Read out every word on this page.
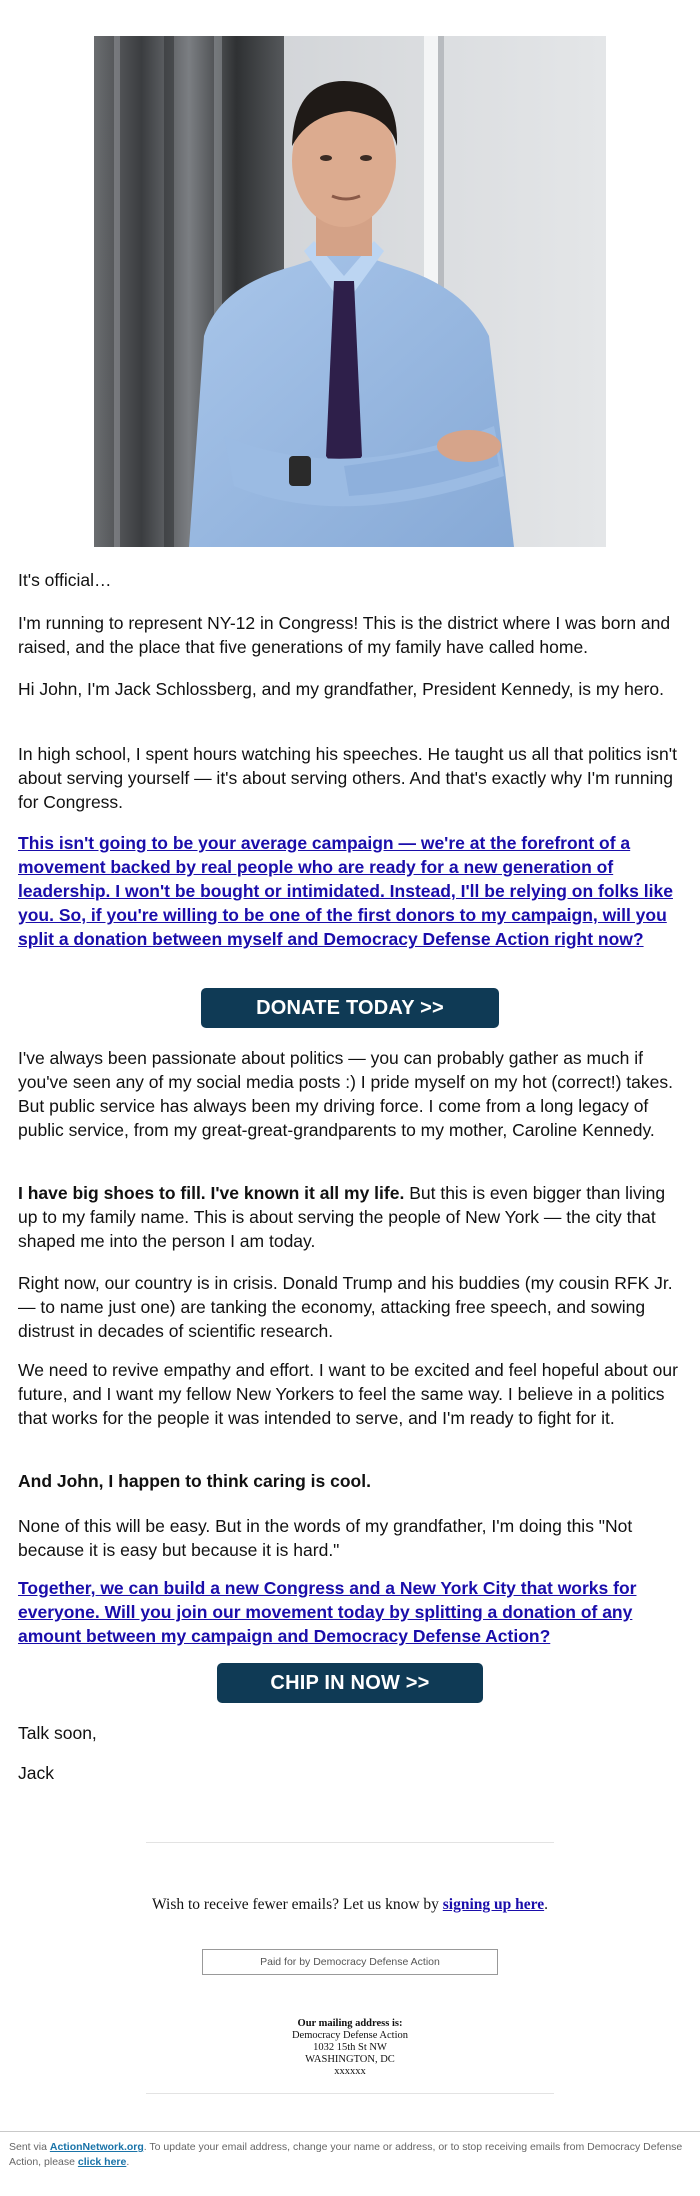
It's official…

I'm running to represent NY-12 in Congress! This is the district where I was born and raised, and the place that five generations of my family have called home.

Hi John, I'm Jack Schlossberg, and my grandfather, President Kennedy, is my hero.

In high school, I spent hours watching his speeches. He taught us all that politics isn't about serving yourself — it's about serving others. And that's exactly why I'm running for Congress.

This isn't going to be your average campaign — we're at the forefront of a movement backed by real people who are ready for a new generation of leadership. I won't be bought or intimidated. Instead, I'll be relying on folks like you. So, if you're willing to be one of the first donors to my campaign, will you split a donation between myself and Democracy Defense Action right now?

DONATE TODAY >>

I've always been passionate about politics — you can probably gather as much if you've seen any of my social media posts :) I pride myself on my hot (correct!) takes. But public service has always been my driving force. I come from a long legacy of public service, from my great-great-grandparents to my mother, Caroline Kennedy.

I have big shoes to fill. I've known it all my life. But this is even bigger than living up to my family name. This is about serving the people of New York — the city that shaped me into the person I am today.

Right now, our country is in crisis. Donald Trump and his buddies (my cousin RFK Jr. — to name just one) are tanking the economy, attacking free speech, and sowing distrust in decades of scientific research.

We need to revive empathy and effort. I want to be excited and feel hopeful about our future, and I want my fellow New Yorkers to feel the same way. I believe in a politics that works for the people it was intended to serve, and I'm ready to fight for it.

And John, I happen to think caring is cool.

None of this will be easy. But in the words of my grandfather, I'm doing this "Not because it is easy but because it is hard."

Together, we can build a new Congress and a New York City that works for everyone. Will you join our movement today by splitting a donation of any amount between my campaign and Democracy Defense Action?

CHIP IN NOW >>

Talk soon,

Jack

Wish to receive fewer emails? Let us know by signing up here.
Paid for by Democracy Defense Action
Our mailing address is:
Democracy Defense Action
1032 15th St NW
WASHINGTON, DC
xxxxxx
Sent via ActionNetwork.org. To update your email address, change your name or address, or to stop receiving emails from Democracy Defense Action, please click here.
